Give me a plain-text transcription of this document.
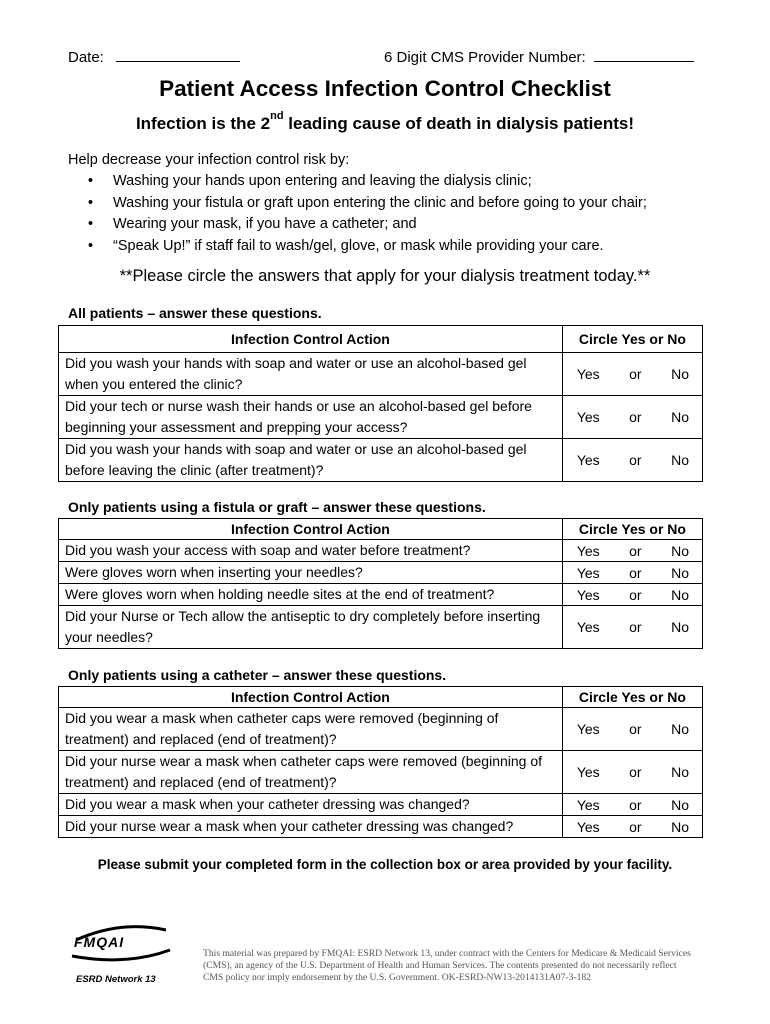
Date:	6 Digit CMS Provider Number:
Patient Access Infection Control Checklist
Infection is the 2nd leading cause of death in dialysis patients!
Help decrease your infection control risk by:
• Washing your hands upon entering and leaving the dialysis clinic;
• Washing your fistula or graft upon entering the clinic and before going to your chair;
• Wearing your mask, if you have a catheter; and
• “Speak Up!” if staff fail to wash/gel, glove, or mask while providing your care.
**Please circle the answers that apply for your dialysis treatment today.**
All patients – answer these questions.
Infection Control Action	Circle Yes or No
Did you wash your hands with soap and water or use an alcohol-based gel when you entered the clinic?	Yes or No

Did your tech or nurse wash their hands or use an alcohol-based gel before beginning your assessment and prepping your access?	Yes or No

Did you wash your hands with soap and water or use an alcohol-based gel before leaving the clinic (after treatment)?	Yes or No
Only patients using a fistula or graft – answer these questions.
Infection Control Action	Circle Yes or No
Did you wash your access with soap and water before treatment?	Yes or No

Were gloves worn when inserting your needles?	Yes or No

Were gloves worn when holding needle sites at the end of treatment?	Yes or No

Did your Nurse or Tech allow the antiseptic to dry completely before inserting your needles?	Yes or No
Only patients using a catheter – answer these questions.
Infection Control Action	Circle Yes or No
Did you wear a mask when catheter caps were removed (beginning of treatment) and replaced (end of treatment)?	Yes or No

Did your nurse wear a mask when catheter caps were removed (beginning of treatment) and replaced (end of treatment)?	Yes or No

Did you wear a mask when your catheter dressing was changed?	Yes or No

Did your nurse wear a mask when your catheter dressing was changed?	Yes or No
Please submit your completed form in the collection box or area provided by your facility.
FMQAI
ESRD Network 13
This material was prepared by FMQAI: ESRD Network 13, under contract with the Centers for Medicare & Medicaid Services (CMS), an agency of the U.S. Department of Health and Human Services. The contents presented do not necessarily reflect CMS policy nor imply endorsement by the U.S. Government. OK-ESRD-NW13-2014131A07-3-182
